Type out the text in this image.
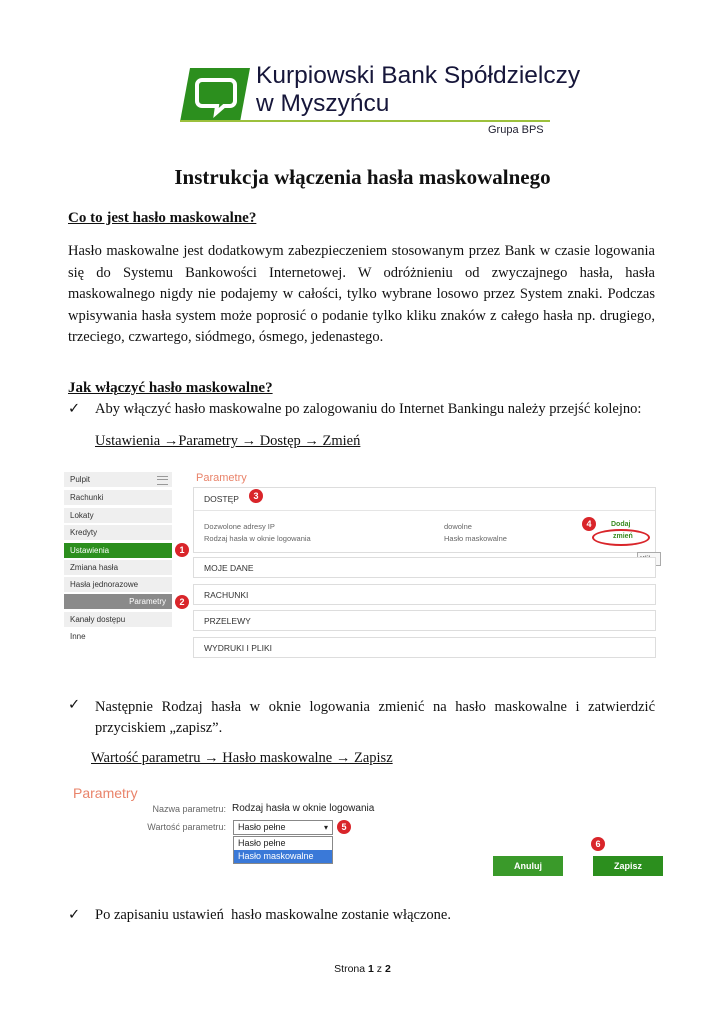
Kurpiowski Bank Spółdzielczy
w Myszyńcu
Grupa BPS
Instrukcja włączenia hasła maskowalnego
Co to jest hasło maskowalne?
Hasło maskowalne jest dodatkowym zabezpieczeniem stosowanym przez Bank w czasie logowania się do Systemu Bankowości Internetowej. W odróżnieniu od zwyczajnego hasła, hasła maskowalnego nigdy nie podajemy w całości, tylko wybrane losowo przez System znaki. Podczas wpisywania hasła system może poprosić o podanie tylko kliku znaków z całego hasła np. drugiego, trzeciego, czwartego, siódmego, ósmego, jedenastego.
Jak włączyć hasło maskowalne?
✓ Aby włączyć hasło maskowalne po zalogowaniu do Internet Bankingu należy przejść kolejno:
Ustawienia →Parametry → Dostęp → Zmień
Pulpit
Rachunki
Lokaty
Kredyty
Ustawienia
Zmiana hasła
Hasła jednorazowe
Parametry
Kanały dostępu
Inne
1
2
Parametry
DOSTĘP
Dozwolone adresy IP	dowolne	Dodaj
Rodzaj hasła w oknie logowania	Hasło maskowalne	zmień
3
4
MOJE DANE
RACHUNKI
PRZELEWY
WYDRUKI I PLIKI
✓ Następnie Rodzaj hasła w oknie logowania zmienić na hasło maskowalne i zatwierdzić przyciskiem „zapisz”.
Wartość parametru → Hasło maskowalne → Zapisz
Parametry
Nazwa parametru: Rodzaj hasła w oknie logowania
Wartość parametru:	Hasło pełne	▾
Hasło pełne
Hasło maskowalne
5
6
Anuluj	Zapisz
✓ Po zapisaniu ustawień  hasło maskowalne zostanie włączone.
Strona 1 z 2
